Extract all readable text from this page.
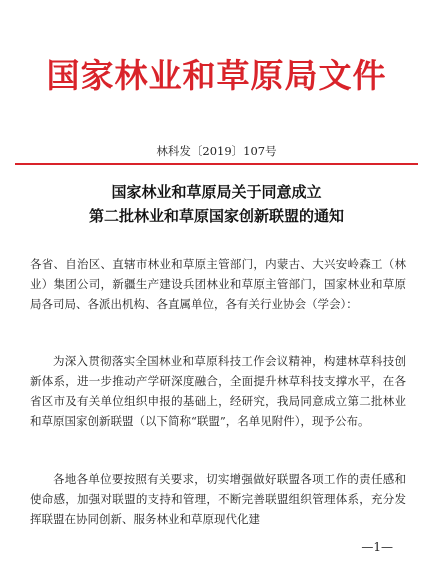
国家林业和草原局文件
林科发〔2019〕107号
国家林业和草原局关于同意成立
第二批林业和草原国家创新联盟的通知
各省、自治区、直辖市林业和草原主管部门，内蒙古、大兴安岭森工（林业）集团公司，新疆生产建设兵团林业和草原主管部门，国家林业和草原局各司局、各派出机构、各直属单位，各有关行业协会（学会）：
为深入贯彻落实全国林业和草原科技工作会议精神，构建林草科技创新体系，进一步推动产学研深度融合，全面提升林草科技支撑水平，在各省区市及有关单位组织申报的基础上，经研究，我局同意成立第二批林业和草原国家创新联盟（以下简称“联盟”，名单见附件），现予公布。
各地各单位要按照有关要求，切实增强做好联盟各项工作的责任感和使命感，加强对联盟的支持和管理，不断完善联盟组织管理体系，充分发挥联盟在协同创新、服务林业和草原现代化建
—1—
